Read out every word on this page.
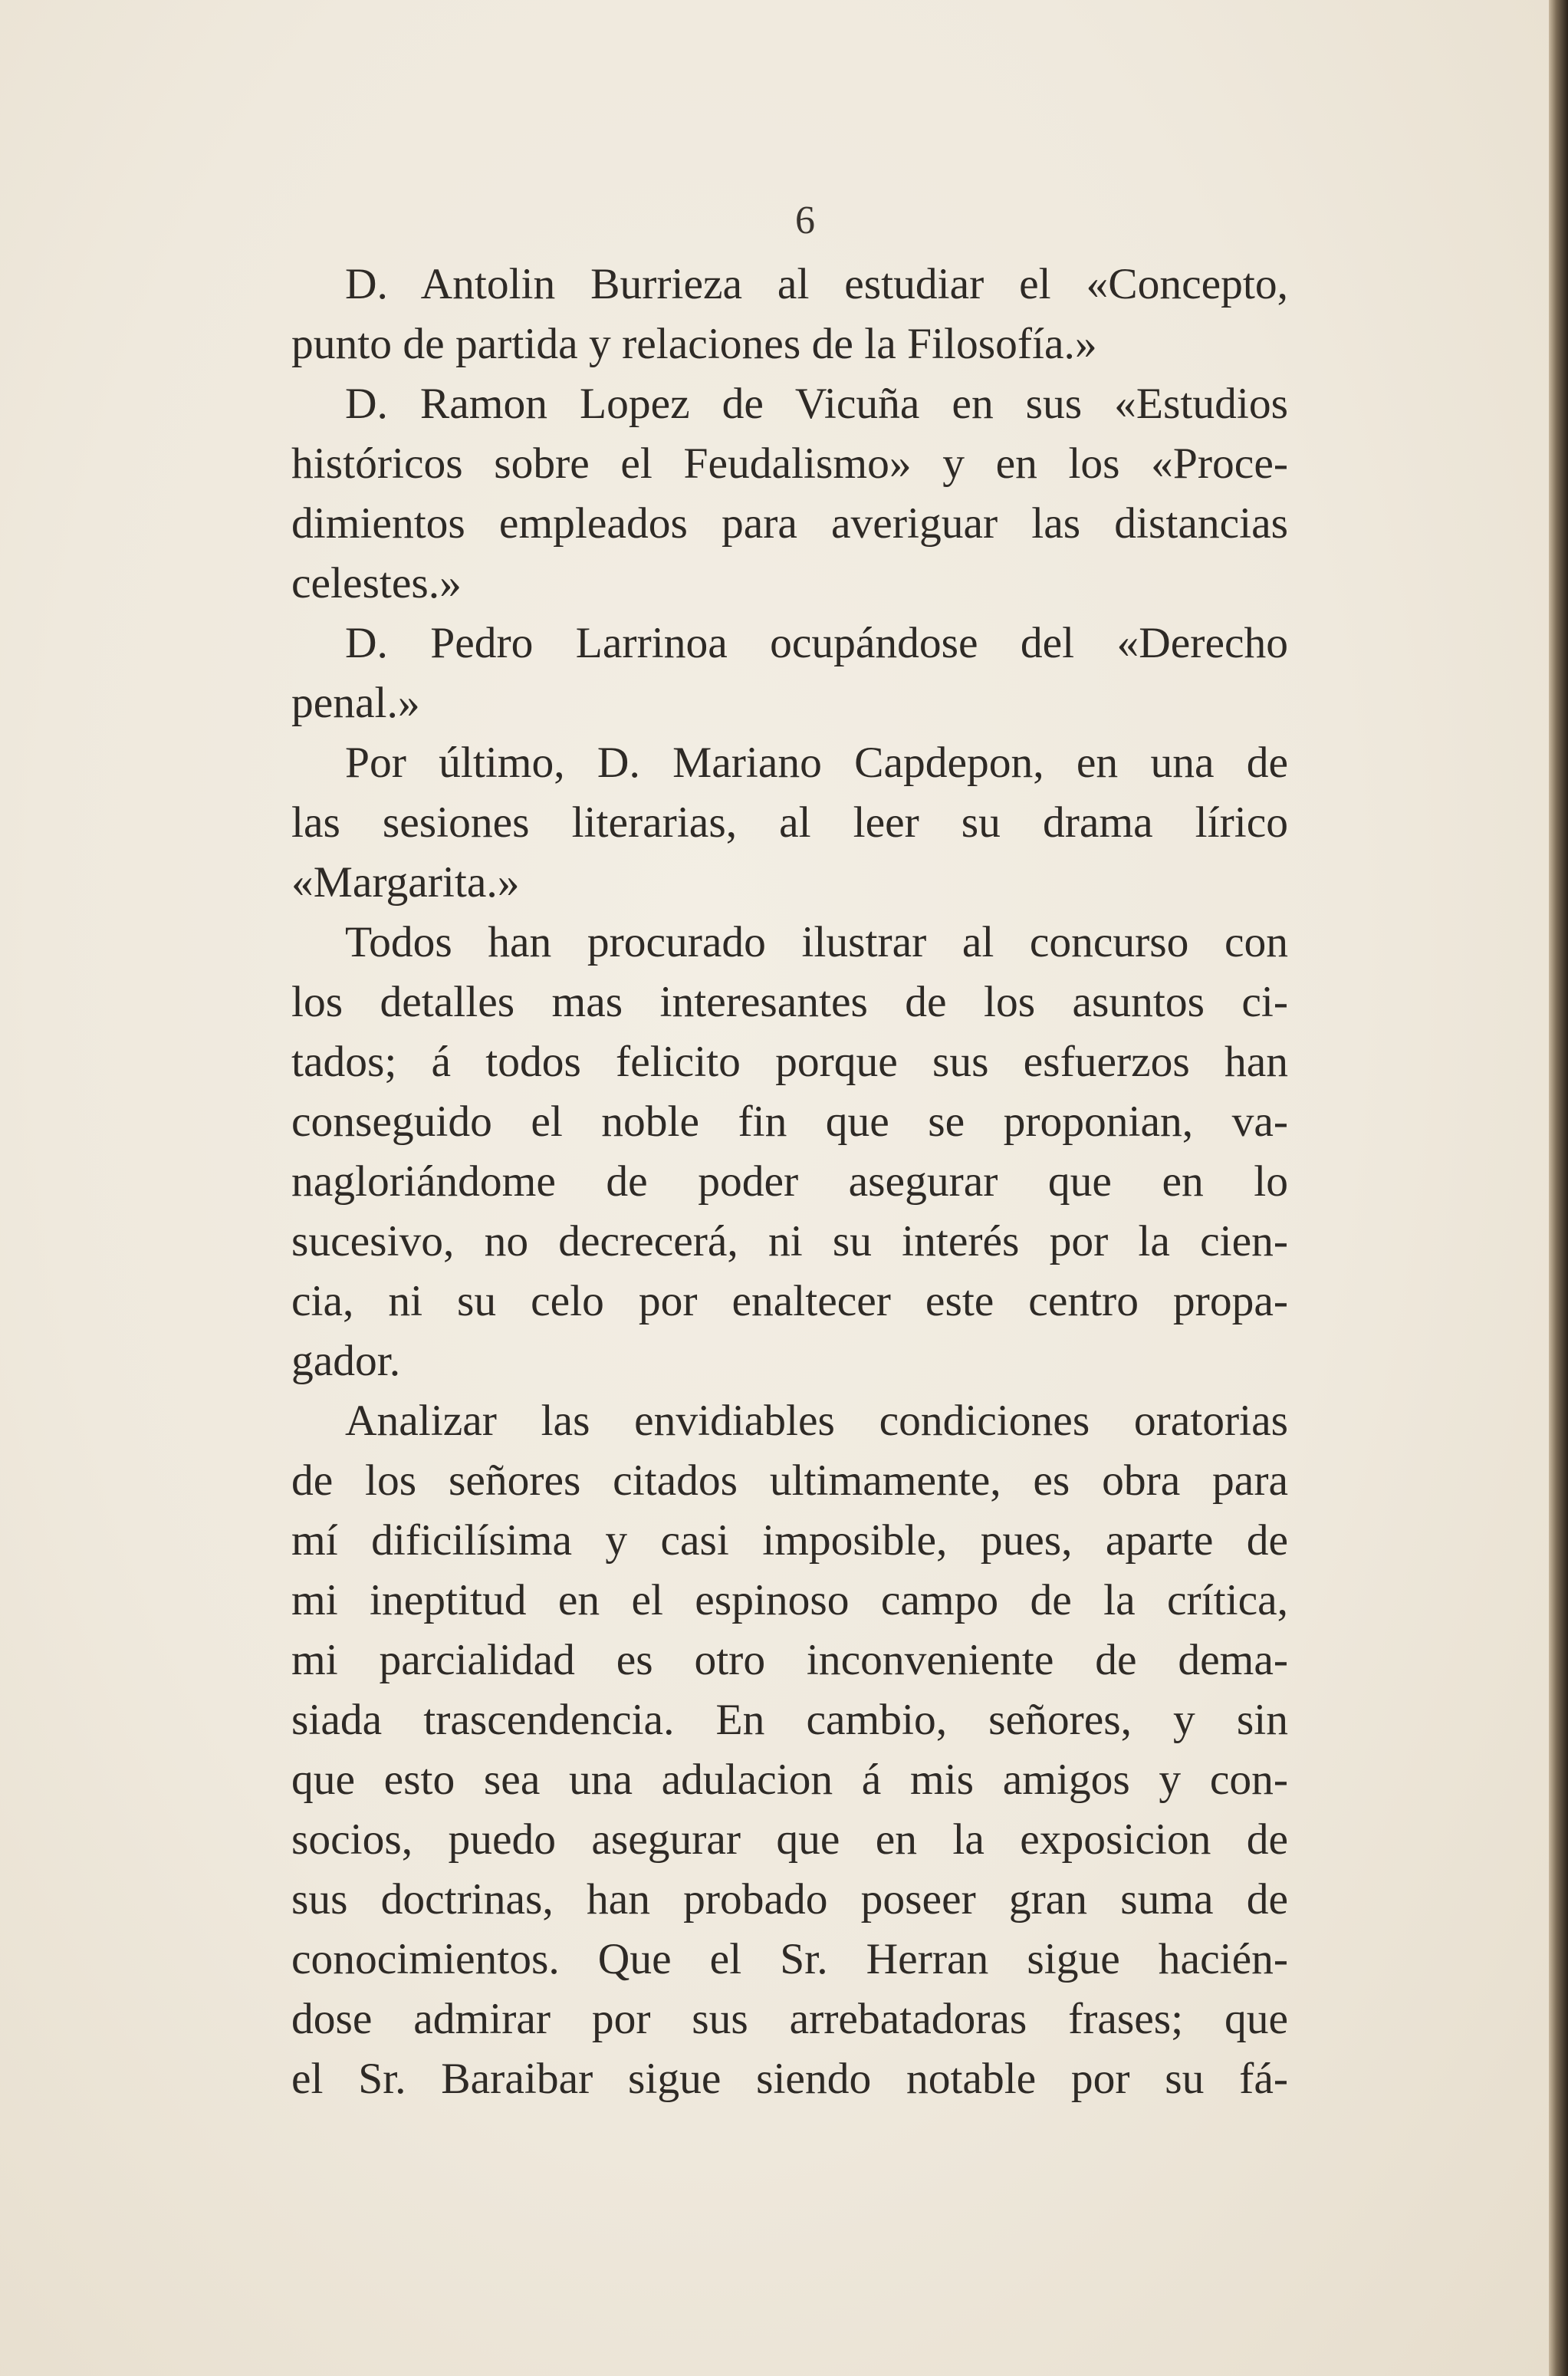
6
D. Antolin Burrieza al estudiar el «Concepto,
punto de partida y relaciones de la Filosofía.»
D. Ramon Lopez de Vicuña en sus «Estudios
históricos sobre el Feudalismo» y en los «Proce-
dimientos empleados para averiguar las distancias
celestes.»
D. Pedro Larrinoa ocupándose del «Derecho
penal.»
Por último, D. Mariano Capdepon, en una de
las sesiones literarias, al leer su drama lírico
«Margarita.»
Todos han procurado ilustrar al concurso con
los detalles mas interesantes de los asuntos ci-
tados; á todos felicito porque sus esfuerzos han
conseguido el noble fin que se proponian, va-
nagloriándome de poder asegurar que en lo
sucesivo, no decrecerá, ni su interés por la cien-
cia, ni su celo por enaltecer este centro propa-
gador.
Analizar las envidiables condiciones oratorias
de los señores citados ultimamente, es obra para
mí dificilísima y casi imposible, pues, aparte de
mi ineptitud en el espinoso campo de la crítica,
mi parcialidad es otro inconveniente de dema-
siada trascendencia. En cambio, señores, y sin
que esto sea una adulacion á mis amigos y con-
socios, puedo asegurar que en la exposicion de
sus doctrinas, han probado poseer gran suma de
conocimientos. Que el Sr. Herran sigue hacién-
dose admirar por sus arrebatadoras frases; que
el Sr. Baraibar sigue siendo notable por su fá-
